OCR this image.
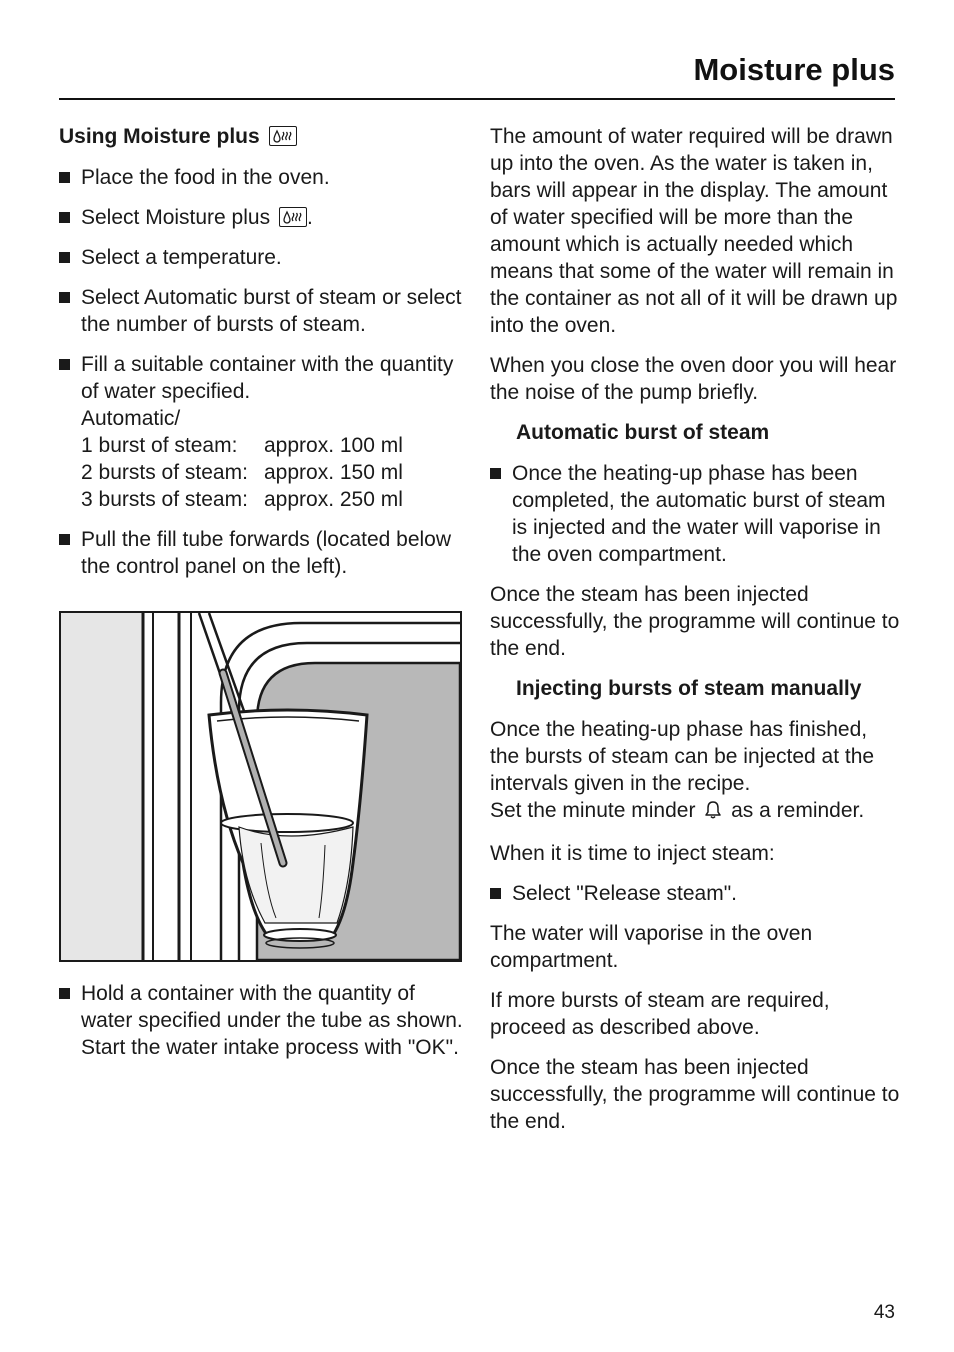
Moisture plus

Using Moisture plus

Place the food in the oven.
Select Moisture plus .
Select a temperature.
Select Automatic burst of steam or select the number of bursts of steam.
Fill a suitable container with the quantity of water specified.
Automatic/
1 burst of steam:	approx. 100 ml
2 bursts of steam: approx. 150 ml
3 bursts of steam: approx. 250 ml
Pull the fill tube forwards (located below the control panel on the left).
Hold a container with the quantity of water specified under the tube as shown. Start the water intake process with "OK".

The amount of water required will be drawn up into the oven. As the water is taken in, bars will appear in the display. The amount of water specified will be more than the amount which is actually needed which means that some of the water will remain in the container as not all of it will be drawn up into the oven.

When you close the oven door you will hear the noise of the pump briefly.

Automatic burst of steam

Once the heating-up phase has been completed, the automatic burst of steam is injected and the water will vaporise in the oven compartment.

Once the steam has been injected successfully, the programme will continue to the end.

Injecting bursts of steam manually

Once the heating-up phase has finished, the bursts of steam can be injected at the intervals given in the recipe.
Set the minute minder as a reminder.

When it is time to inject steam:

Select "Release steam".

The water will vaporise in the oven compartment.

If more bursts of steam are required, proceed as described above.

Once the steam has been injected successfully, the programme will continue to the end.

43
